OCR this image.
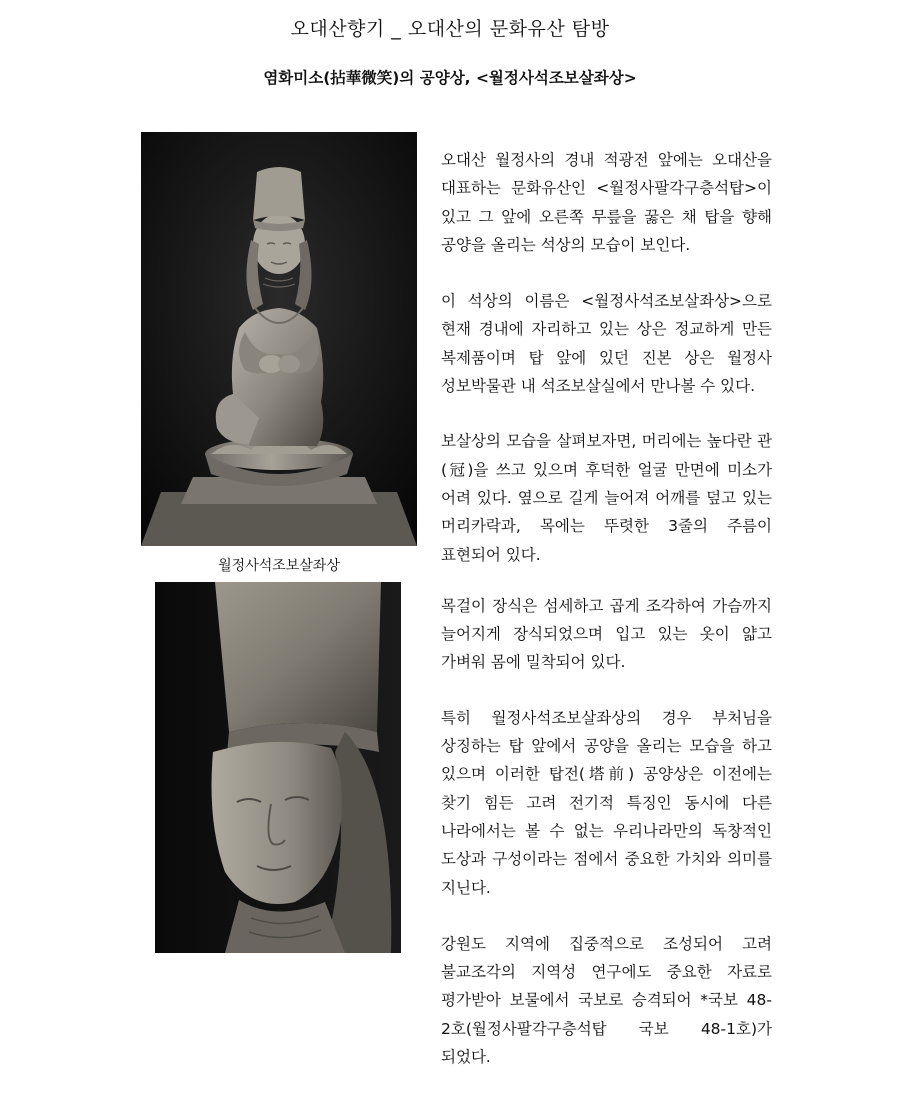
오대산향기 _ 오대산의 문화유산 탐방
염화미소(拈華微笑)의 공양상, <월정사석조보살좌상>
월정사석조보살좌상

오대산 월정사의 경내 적광전 앞에는 오대산을 대표하는 문화유산인 <월정사팔각구층석탑>이 있고 그 앞에 오른쪽 무릎을 꿇은 채 탑을 향해 공양을 올리는 석상의 모습이 보인다.

이 석상의 이름은 <월정사석조보살좌상>으로 현재 경내에 자리하고 있는 상은 정교하게 만든 복제품이며 탑 앞에 있던 진본 상은 월정사 성보박물관 내 석조보살실에서 만나볼 수 있다.

보살상의 모습을 살펴보자면, 머리에는 높다란 관(冠)을 쓰고 있으며 후덕한 얼굴 만면에 미소가 어려 있다. 옆으로 길게 늘어져 어깨를 덮고 있는 머리카락과, 목에는 뚜렷한 3줄의 주름이 표현되어 있다.

목걸이 장식은 섬세하고 곱게 조각하여 가슴까지 늘어지게 장식되었으며 입고 있는 옷이 얇고 가벼워 몸에 밀착되어 있다.

특히 월정사석조보살좌상의 경우 부처님을 상징하는 탑 앞에서 공양을 올리는 모습을 하고 있으며 이러한 탑전(塔前) 공양상은 이전에는 찾기 힘든 고려 전기적 특징인 동시에 다른 나라에서는 볼 수 없는 우리나라만의 독창적인 도상과 구성이라는 점에서 중요한 가치와 의미를 지닌다.

강원도 지역에 집중적으로 조성되어 고려 불교조각의 지역성 연구에도 중요한 자료로 평가받아 보물에서 국보로 승격되어 *국보 48-2호(월정사팔각구층석탑 국보 48-1호)가 되었다.
